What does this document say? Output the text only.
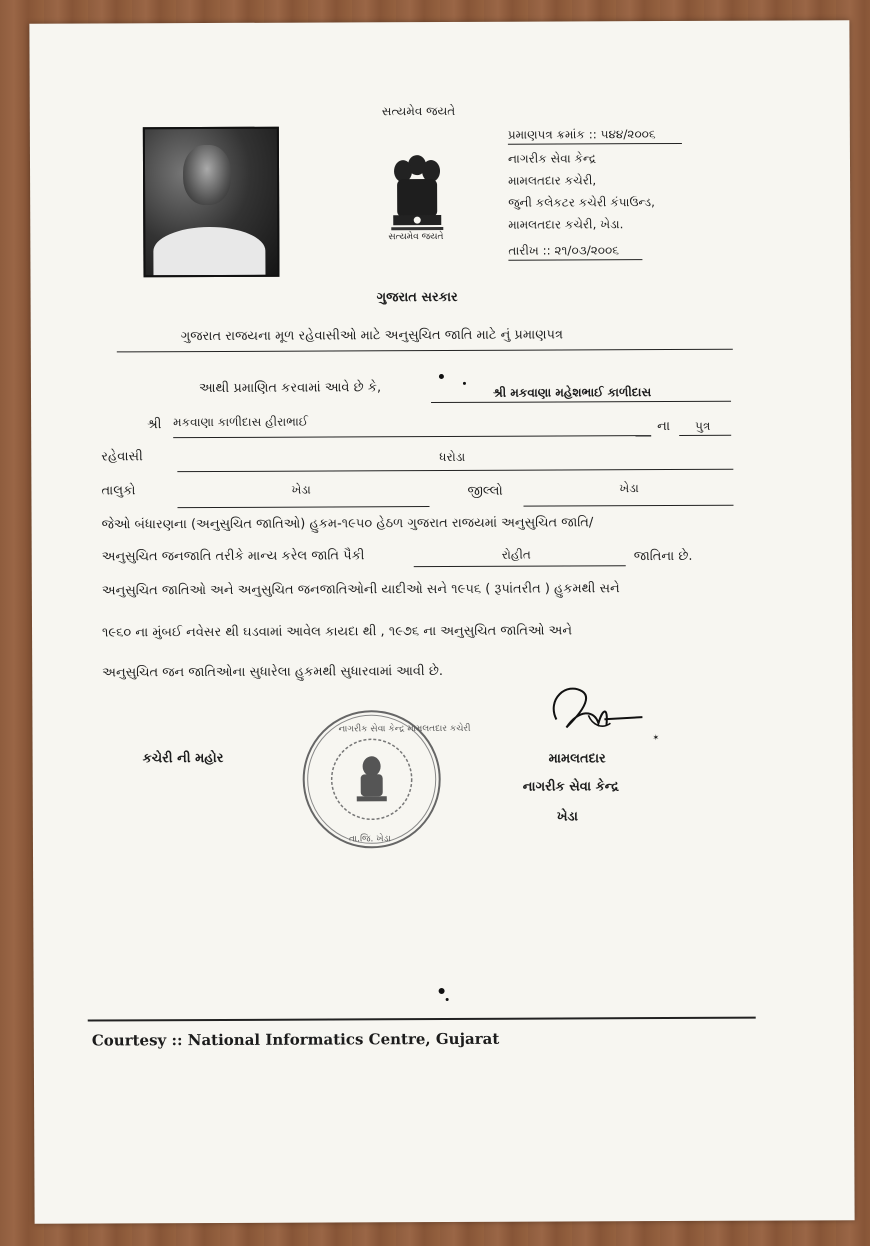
સત્યમેવ જયતે
સત્યમેવ જયતે
પ્રમાણપત્ર ક્રમાંક :: ૫૪૪/૨૦૦૬
નાગરીક સેવા કેન્દ્ર
મામલતદાર કચેરી,
જુની કલેકટર કચેરી કંપાઉન્ડ,
મામલતદાર કચેરી, ખેડા.
તારીખ :: ૨૧/૦૩/૨૦૦૬
ગુજરાત સરકાર
ગુજરાત રાજયના મૂળ રહેવાસીઓ માટે અનુસુચિત જાતિ માટે નું પ્રમાણપત્ર
આથી પ્રમાણિત કરવામાં આવે છે કે,	શ્રી મકવાણા મહેશભાઈ કાળીદાસ
શ્રી મકવાણા કાળીદાસ હીરાભાઈ	ના પુત્ર
રહેવાસી	ધરોડા
તાલુકો	ખેડા	જીલ્લો	ખેડા
જેઓ બંધારણના (અનુસુચિત જાતિઓ) હુકમ-૧૯૫૦ હેઠળ ગુજરાત રાજયમાં અનુસુચિત જાતિ/
અનુસુચિત જનજાતિ તરીકે માન્ય કરેલ જાતિ પૈકી	રોહીત	જાતિના છે.
અનુસુચિત જાતિઓ અને અનુસુચિત જનજાતિઓની યાદીઓ સને ૧૯૫૬ ( રૂપાંતરીત ) હુકમથી સને
૧૯૬૦ ના મુંબઈ નવેસર થી ઘડવામાં આવેલ કાયદા થી , ૧૯૭૬ ના અનુસુચિત જાતિઓ અને
અનુસુચિત જન જાતિઓના સુધારેલા હુકમથી સુધારવામાં આવી છે.
✶
નાગરીક સેવા કેન્દ્ર મામલતદાર કચેરી
તા.જિ. ખેડા
કચેરી ની મહોર	મામલતદાર
નાગરીક સેવા કેન્દ્ર
ખેડા
Courtesy :: National Informatics Centre, Gujarat
